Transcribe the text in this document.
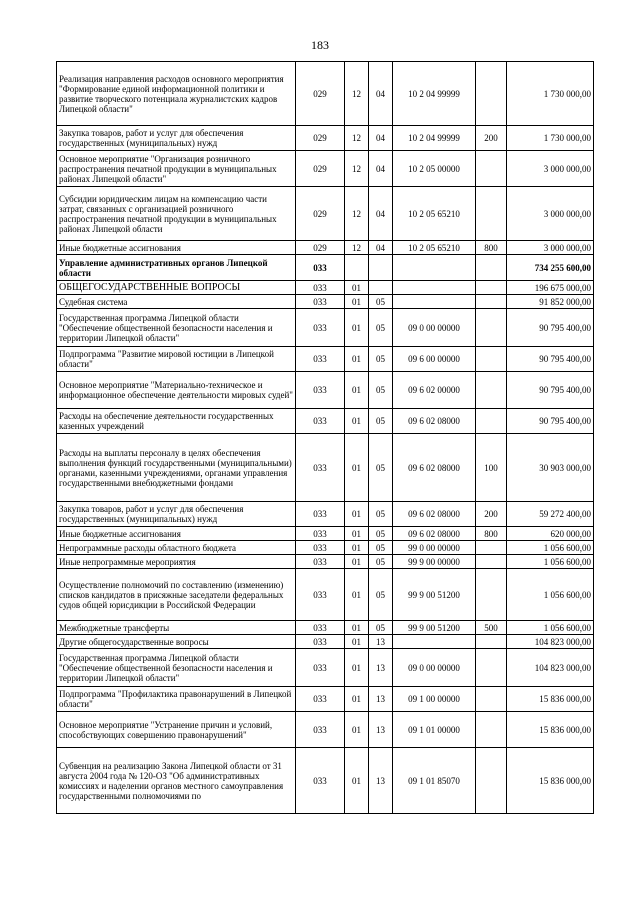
183
Реализация направления расходов основного мероприятия "Формирование единой информационной политики и развитие творческого потенциала журналистских кадров Липецкой области"	029	12	04	10 2 04 99999		1 730 000,00
Закупка товаров, работ и услуг для обеспечения государственных (муниципальных) нужд	029	12	04	10 2 04 99999	200	1 730 000,00
Основное мероприятие "Организация розничного распространения печатной продукции в муниципальных районах Липецкой области"	029	12	04	10 2 05 00000		3 000 000,00
Субсидии юридическим лицам на компенсацию части затрат, связанных с организацией розничного распространения печатной продукции в муниципальных районах Липецкой области	029	12	04	10 2 05 65210		3 000 000,00
Иные бюджетные ассигнования	029	12	04	10 2 05 65210	800	3 000 000,00
Управление административных органов Липецкой области	033					734 255 600,00
ОБЩЕГОСУДАРСТВЕННЫЕ ВОПРОСЫ	033	01				196 675 000,00
Судебная система	033	01	05			91 852 000,00
Государственная программа Липецкой области "Обеспечение общественной безопасности населения и территории Липецкой области"	033	01	05	09 0 00 00000		90 795 400,00
Подпрограмма "Развитие мировой юстиции в Липецкой области"	033	01	05	09 6 00 00000		90 795 400,00
Основное мероприятие "Материально-техническое и информационное обеспечение деятельности мировых судей"	033	01	05	09 6 02 00000		90 795 400,00
Расходы на обеспечение деятельности государственных казенных учреждений	033	01	05	09 6 02 08000		90 795 400,00
Расходы на выплаты персоналу в целях обеспечения выполнения функций государственными (муниципальными) органами, казенными учреждениями, органами управления государственными внебюджетными фондами	033	01	05	09 6 02 08000	100	30 903 000,00
Закупка товаров, работ и услуг для обеспечения государственных (муниципальных) нужд	033	01	05	09 6 02 08000	200	59 272 400,00
Иные бюджетные ассигнования	033	01	05	09 6 02 08000	800	620 000,00
Непрограммные расходы областного бюджета	033	01	05	99 0 00 00000		1 056 600,00
Иные непрограммные мероприятия	033	01	05	99 9 00 00000		1 056 600,00
Осуществление полномочий по составлению (изменению) списков кандидатов в присяжные заседатели федеральных судов общей юрисдикции в Российской Федерации	033	01	05	99 9 00 51200		1 056 600,00
Межбюджетные трансферты	033	01	05	99 9 00 51200	500	1 056 600,00
Другие общегосударственные вопросы	033	01	13			104 823 000,00
Государственная программа Липецкой области "Обеспечение общественной безопасности населения и территории Липецкой области"	033	01	13	09 0 00 00000		104 823 000,00
Подпрограмма "Профилактика правонарушений в Липецкой области"	033	01	13	09 1 00 00000		15 836 000,00
Основное мероприятие "Устранение причин и условий, способствующих совершению правонарушений"	033	01	13	09 1 01 00000		15 836 000,00
Субвенция на реализацию Закона Липецкой области от 31 августа 2004 года № 120-ОЗ "Об административных комиссиях и наделении органов местного самоуправления государственными полномочиями по	033	01	13	09 1 01 85070		15 836 000,00
